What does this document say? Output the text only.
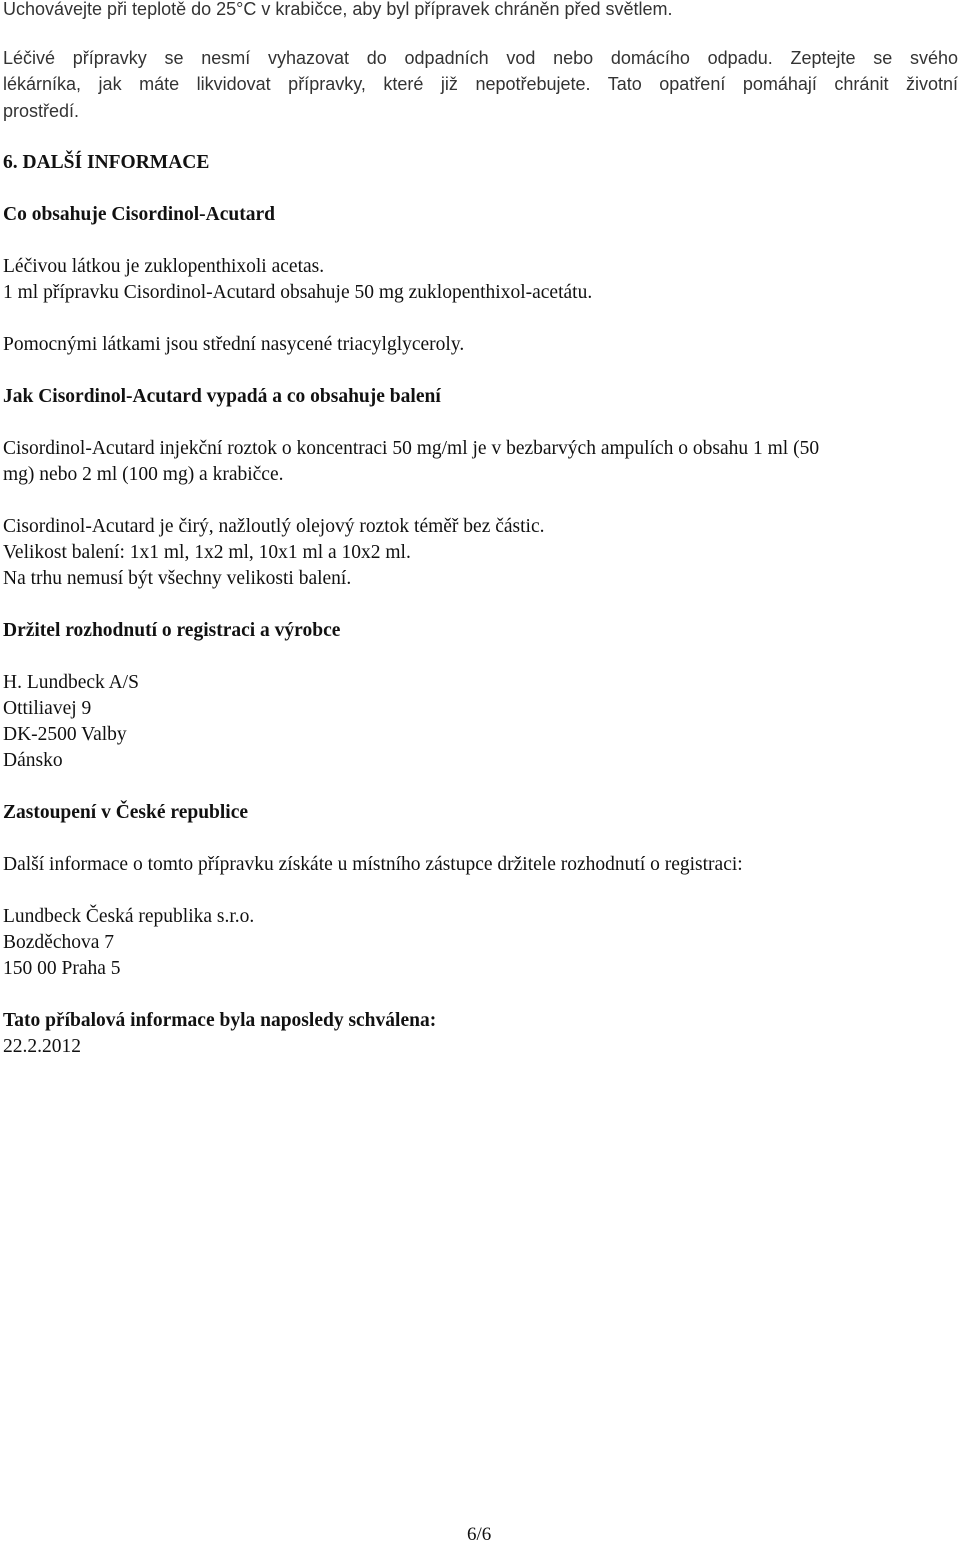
Uchovávejte při teplotě do 25°C v krabičce, aby byl přípravek chráněn před světlem.
Léčivé přípravky se nesmí vyhazovat do odpadních vod nebo domácího odpadu. Zeptejte se svého
lékárníka, jak máte likvidovat přípravky, které již nepotřebujete. Tato opatření pomáhají chránit životní
prostředí.
6. DALŠÍ INFORMACE
Co obsahuje Cisordinol-Acutard
Léčivou látkou je zuklopenthixoli acetas.
1 ml přípravku Cisordinol-Acutard obsahuje 50 mg zuklopenthixol-acetátu.
Pomocnými látkami jsou střední nasycené triacylglyceroly.
Jak Cisordinol-Acutard vypadá a co obsahuje balení
Cisordinol-Acutard injekční roztok o koncentraci 50 mg/ml je v bezbarvých ampulích o obsahu 1 ml (50
mg) nebo 2 ml (100 mg) a krabičce.
Cisordinol-Acutard je čirý, nažloutlý olejový roztok téměř bez částic.
Velikost balení: 1x1 ml, 1x2 ml, 10x1 ml a 10x2 ml.
Na trhu nemusí být všechny velikosti balení.
Držitel rozhodnutí o registraci a výrobce
H. Lundbeck A/S
Ottiliavej 9
DK-2500 Valby
Dánsko
Zastoupení v České republice
Další informace o tomto přípravku získáte u místního zástupce držitele rozhodnutí o registraci:
Lundbeck Česká republika s.r.o.
Bozděchova 7
150 00 Praha 5
Tato příbalová informace byla naposledy schválena:
22.2.2012
6/6
